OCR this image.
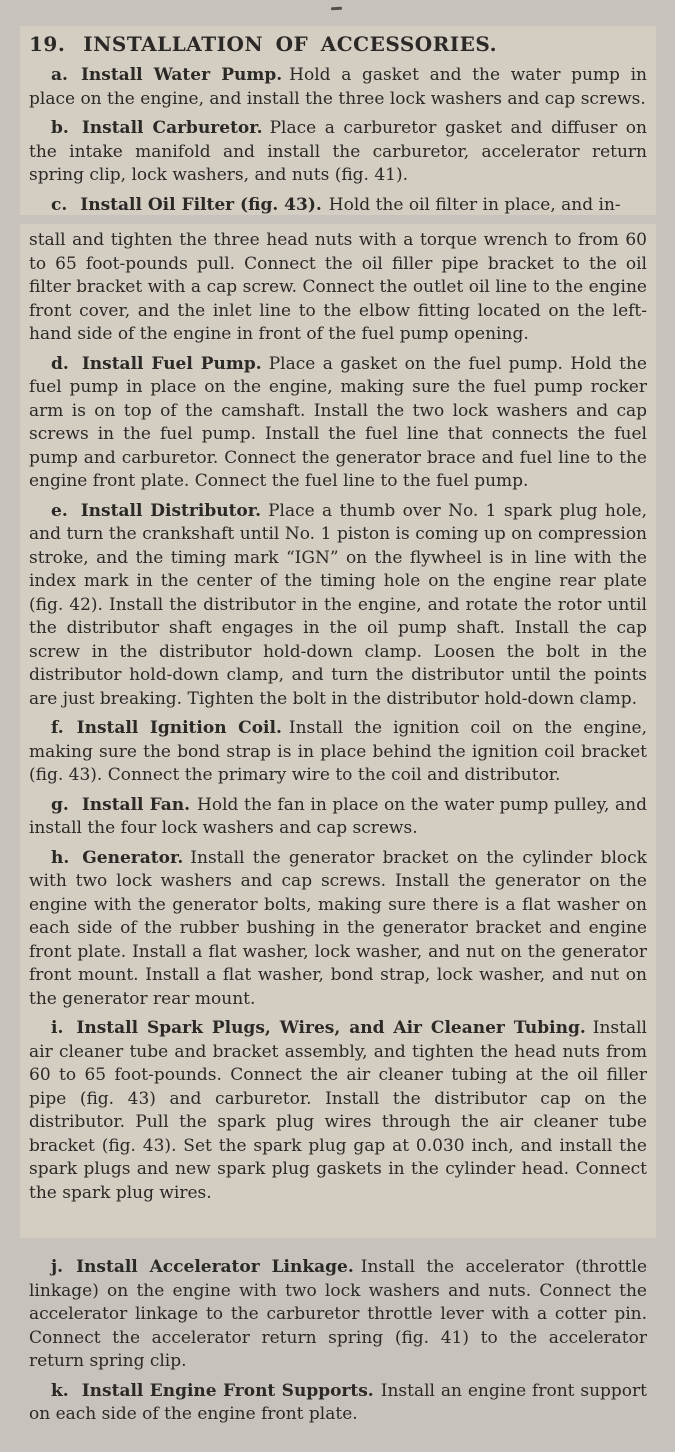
19. INSTALLATION OF ACCESSORIES.

a. Install Water Pump. Hold a gasket and the water pump in place on the engine, and install the three lock washers and cap screws.

b. Install Carburetor. Place a carburetor gasket and diffuser on the intake manifold and install the carburetor, accelerator return spring clip, lock washers, and nuts (fig. 41).

c. Install Oil Filter (fig. 43). Hold the oil filter in place, and in-

stall and tighten the three head nuts with a torque wrench to from 60 to 65 foot-pounds pull. Connect the oil filler pipe bracket to the oil filter bracket with a cap screw. Connect the outlet oil line to the engine front cover, and the inlet line to the elbow fitting located on the left-hand side of the engine in front of the fuel pump opening.

d. Install Fuel Pump. Place a gasket on the fuel pump. Hold the fuel pump in place on the engine, making sure the fuel pump rocker arm is on top of the camshaft. Install the two lock washers and cap screws in the fuel pump. Install the fuel line that connects the fuel pump and carburetor. Connect the generator brace and fuel line to the engine front plate. Connect the fuel line to the fuel pump.

e. Install Distributor. Place a thumb over No. 1 spark plug hole, and turn the crankshaft until No. 1 piston is coming up on compression stroke, and the timing mark “IGN” on the flywheel is in line with the index mark in the center of the timing hole on the engine rear plate (fig. 42). Install the distributor in the engine, and rotate the rotor until the distributor shaft engages in the oil pump shaft. Install the cap screw in the distributor hold-down clamp. Loosen the bolt in the distributor hold-down clamp, and turn the distributor until the points are just breaking. Tighten the bolt in the distributor hold-down clamp.

f. Install Ignition Coil. Install the ignition coil on the engine, making sure the bond strap is in place behind the ignition coil bracket (fig. 43). Connect the primary wire to the coil and distributor.

g. Install Fan. Hold the fan in place on the water pump pulley, and install the four lock washers and cap screws.

h. Generator. Install the generator bracket on the cylinder block with two lock washers and cap screws. Install the generator on the engine with the generator bolts, making sure there is a flat washer on each side of the rubber bushing in the generator bracket and engine front plate. Install a flat washer, lock washer, and nut on the generator front mount. Install a flat washer, bond strap, lock washer, and nut on the generator rear mount.

i. Install Spark Plugs, Wires, and Air Cleaner Tubing. Install air cleaner tube and bracket assembly, and tighten the head nuts from 60 to 65 foot-pounds. Connect the air cleaner tubing at the oil filler pipe (fig. 43) and carburetor. Install the distributor cap on the distributor. Pull the spark plug wires through the air cleaner tube bracket (fig. 43). Set the spark plug gap at 0.030 inch, and install the spark plugs and new spark plug gaskets in the cylinder head. Connect the spark plug wires.

j. Install Accelerator Linkage. Install the accelerator (throttle linkage) on the engine with two lock washers and nuts. Connect the accelerator linkage to the carburetor throttle lever with a cotter pin. Connect the accelerator return spring (fig. 41) to the accelerator return spring clip.

k. Install Engine Front Supports. Install an engine front support on each side of the engine front plate.
